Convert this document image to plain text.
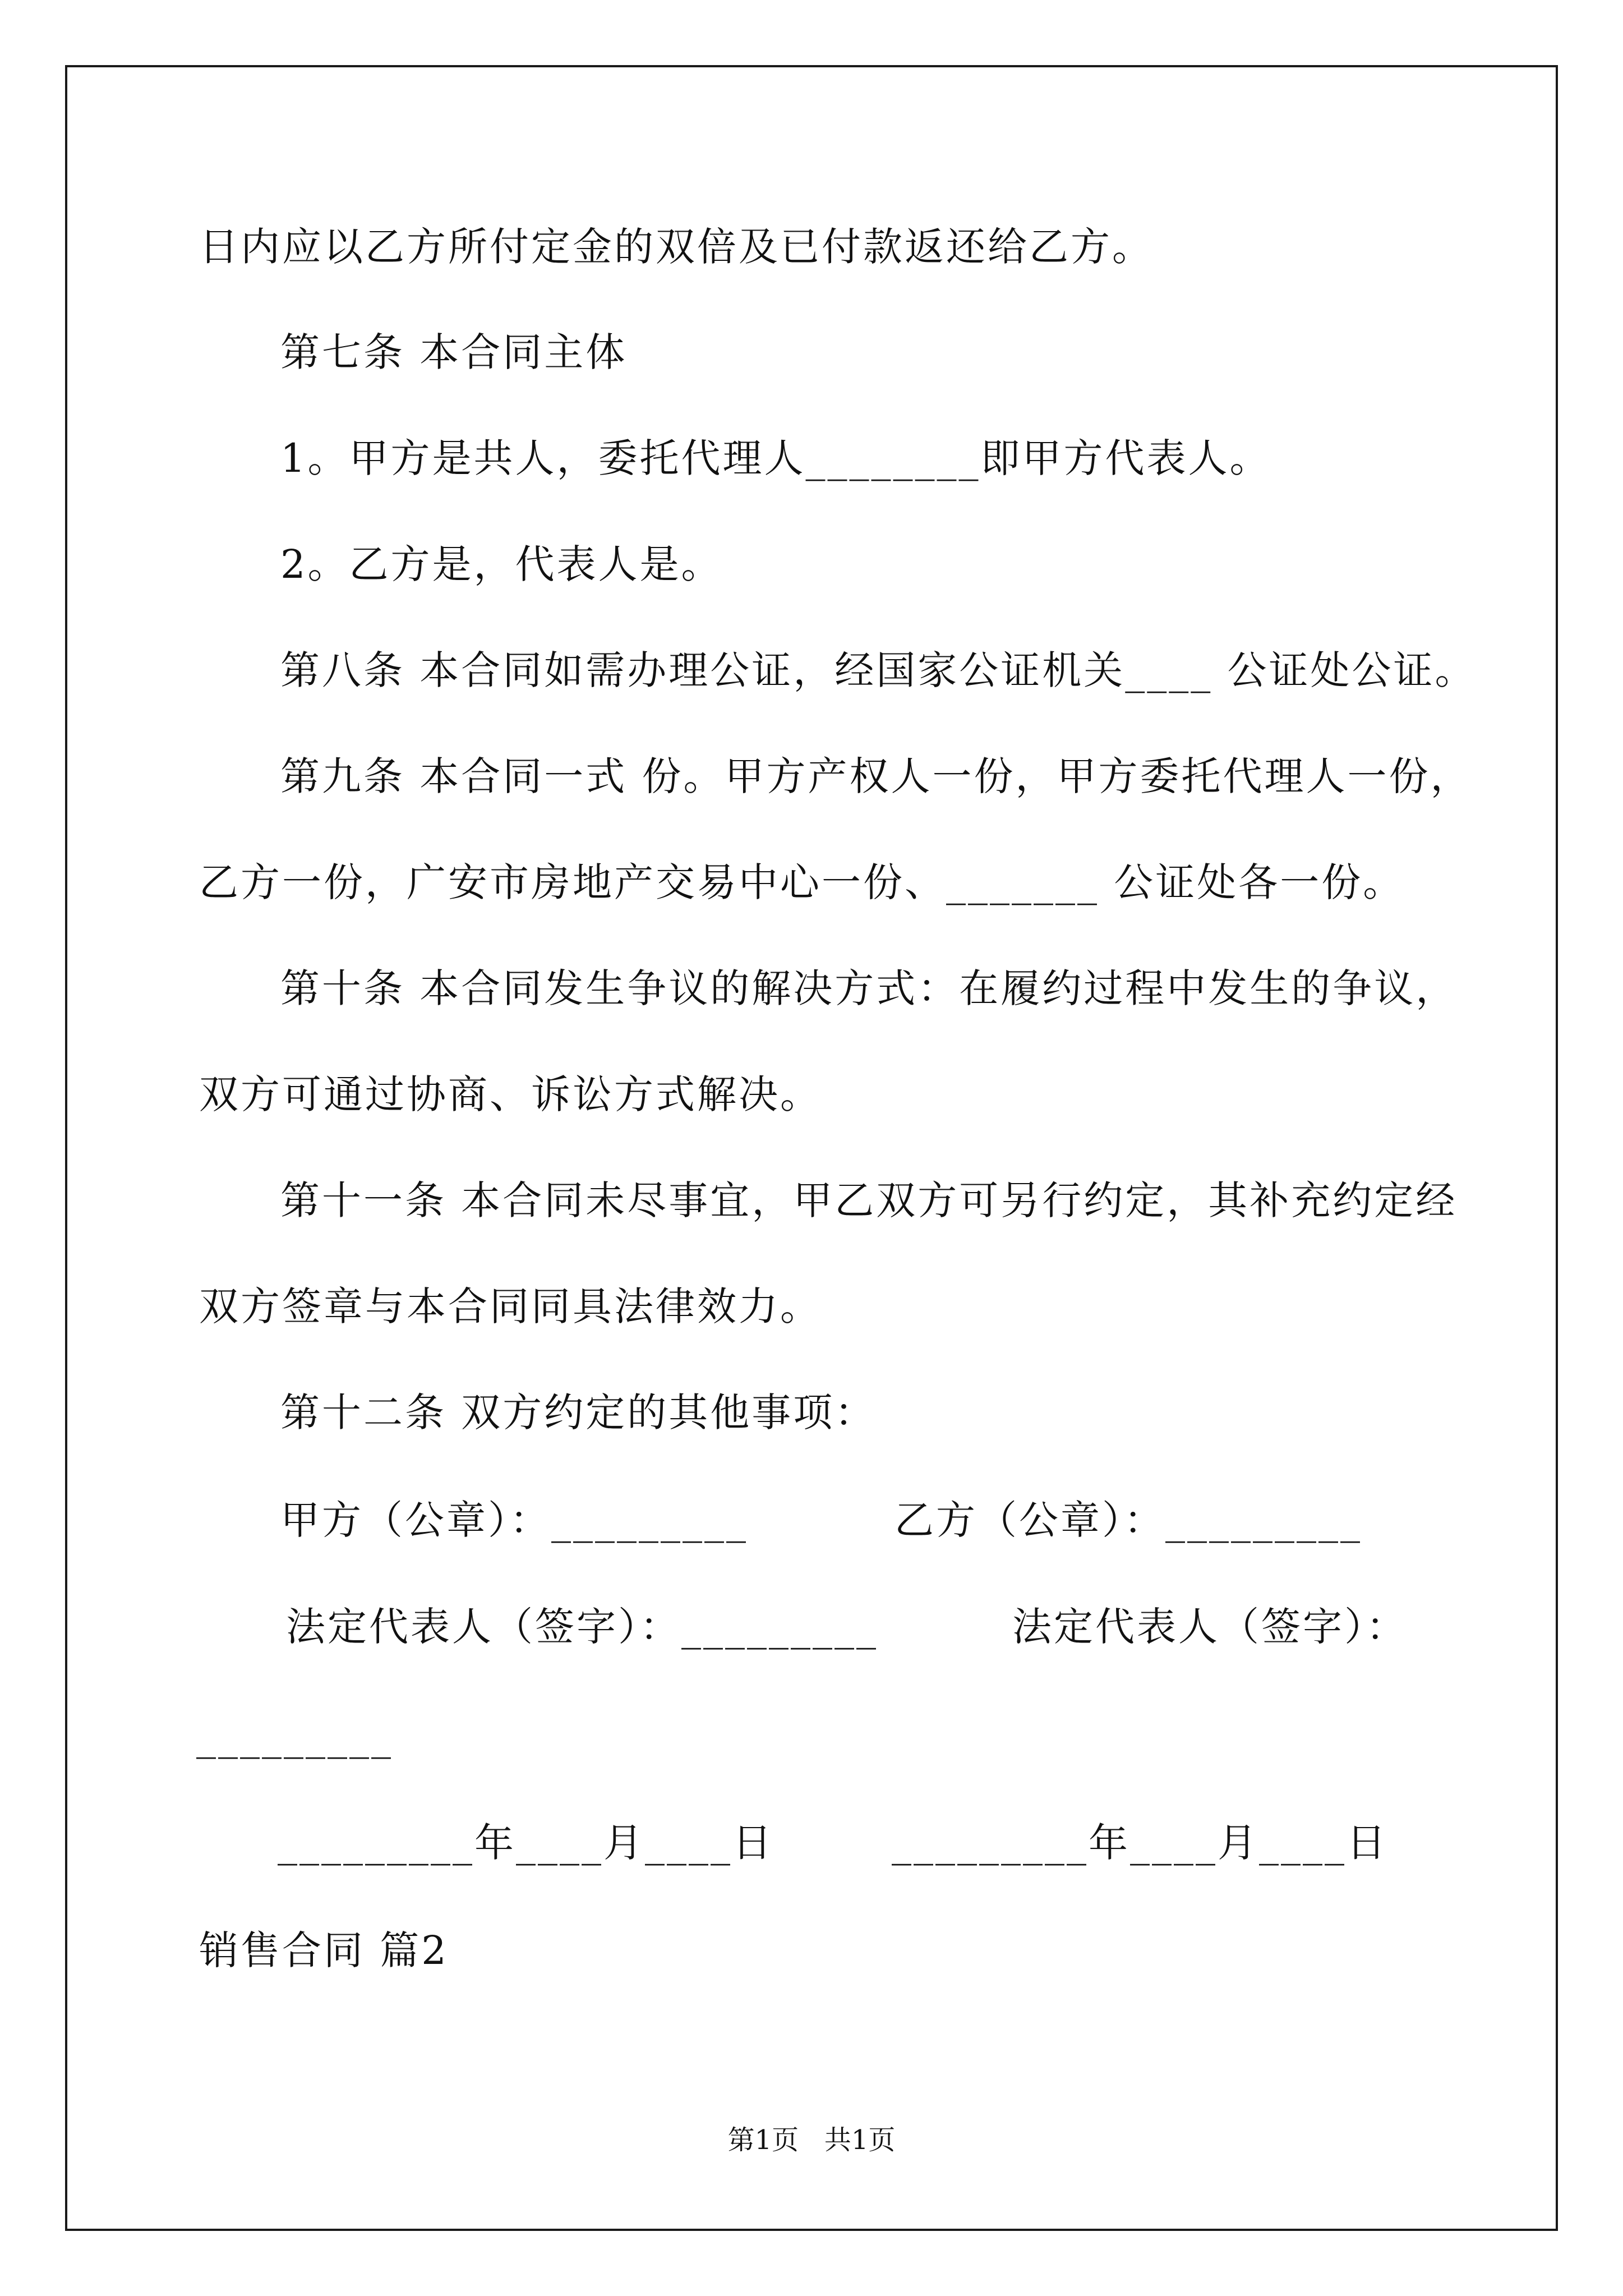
日内应以乙方所付定金的双倍及已付款返还给乙方。
第七条 本合同主体
1。甲方是共人，委托代理人________即甲方代表人。
2。乙方是，代表人是。
第八条 本合同如需办理公证，经国家公证机关____ 公证处公证。
第九条 本合同一式 份。甲方产权人一份，甲方委托代理人一份，
乙方一份，广安市房地产交易中心一份、_______ 公证处各一份。
第十条 本合同发生争议的解决方式：在履约过程中发生的争议，
双方可通过协商、诉讼方式解决。
第十一条 本合同未尽事宜，甲乙双方可另行约定，其补充约定经
双方签章与本合同同具法律效力。
第十二条 双方约定的其他事项：
甲方（公章）：_________	乙方（公章）：_________
法定代表人（签字）：_________	法定代表人（签字）：
_________
_________年____月____日	_________年____月____日
销售合同 篇2
第1页   共1页
